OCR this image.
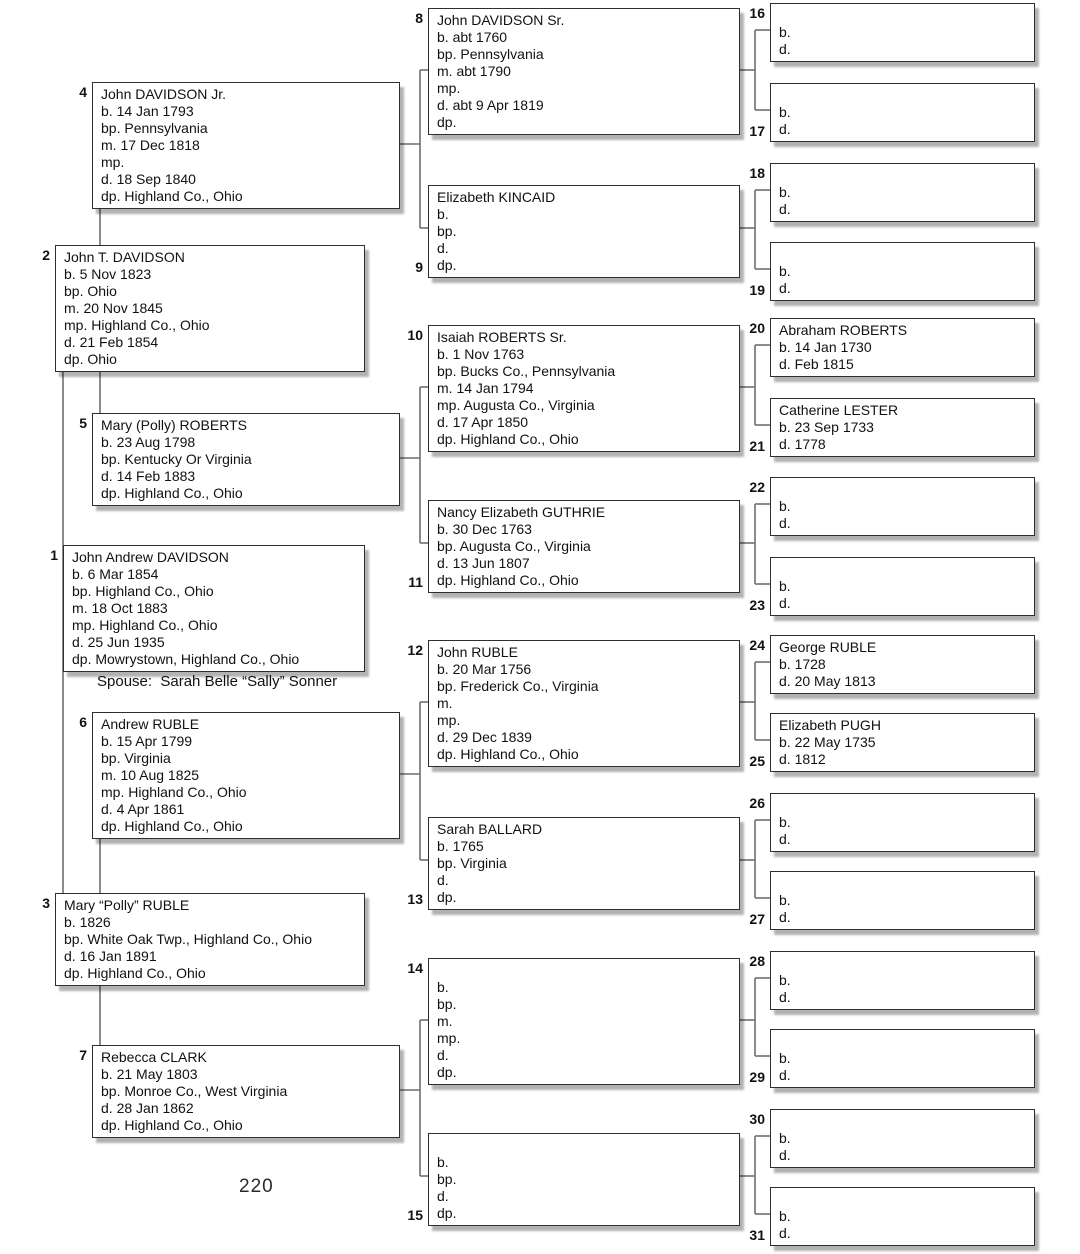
4 John DAVIDSON Jr.
b. 14 Jan 1793
bp. Pennsylvania
m. 17 Dec 1818
mp.
d. 18 Sep 1840
dp. Highland Co., Ohio
2 John T. DAVIDSON
b. 5 Nov 1823
bp. Ohio
m. 20 Nov 1845
mp. Highland Co., Ohio
d. 21 Feb 1854
dp. Ohio
5 Mary (Polly) ROBERTS
b. 23 Aug 1798
bp. Kentucky Or Virginia
d. 14 Feb 1883
dp. Highland Co., Ohio
1 John Andrew DAVIDSON
b. 6 Mar 1854
bp. Highland Co., Ohio
m. 18 Oct 1883
mp. Highland Co., Ohio
d. 25 Jun 1935
dp. Mowrystown, Highland Co., Ohio
Spouse:  Sarah Belle “Sally” Sonner
6 Andrew RUBLE
b. 15 Apr 1799
bp. Virginia
m. 10 Aug 1825
mp. Highland Co., Ohio
d. 4 Apr 1861
dp. Highland Co., Ohio
3 Mary “Polly” RUBLE
b. 1826
bp. White Oak Twp., Highland Co., Ohio
d. 16 Jan 1891
dp. Highland Co., Ohio
7 Rebecca CLARK
b. 21 May 1803
bp. Monroe Co., West Virginia
d. 28 Jan 1862
dp. Highland Co., Ohio
220
8 John DAVIDSON Sr.
b. abt 1760
bp. Pennsylvania
m. abt 1790
mp.
d. abt 9 Apr 1819
dp.
9
Elizabeth KINCAID
b.
bp.
d.
dp.
10 Isaiah ROBERTS Sr.
b. 1 Nov 1763
bp. Bucks Co., Pennsylvania
m. 14 Jan 1794
mp. Augusta Co., Virginia
d. 17 Apr 1850
dp. Highland Co., Ohio
11
Nancy Elizabeth GUTHRIE
b. 30 Dec 1763
bp. Augusta Co., Virginia
d. 13 Jun 1807
dp. Highland Co., Ohio
12 John RUBLE
b. 20 Mar 1756
bp. Frederick Co., Virginia
m.
mp.
d. 29 Dec 1839
dp. Highland Co., Ohio
13
Sarah BALLARD
b. 1765
bp. Virginia
d.
dp.
14
b.
bp.
m.
mp.
d.
dp.
15
b.
bp.
d.
dp.
16
b.
d.
17
b.
d.
18
b.
d.
19
b.
d.
20 Abraham ROBERTS
b. 14 Jan 1730
d. Feb 1815
21
Catherine LESTER
b. 23 Sep 1733
d. 1778
22
b.
d.
23
b.
d.
24 George RUBLE
b. 1728
d. 20 May 1813
25
Elizabeth PUGH
b. 22 May 1735
d. 1812
26
b.
d.
27
b.
d.
28
b.
d.
29
b.
d.
30
b.
d.
31
b.
d.
